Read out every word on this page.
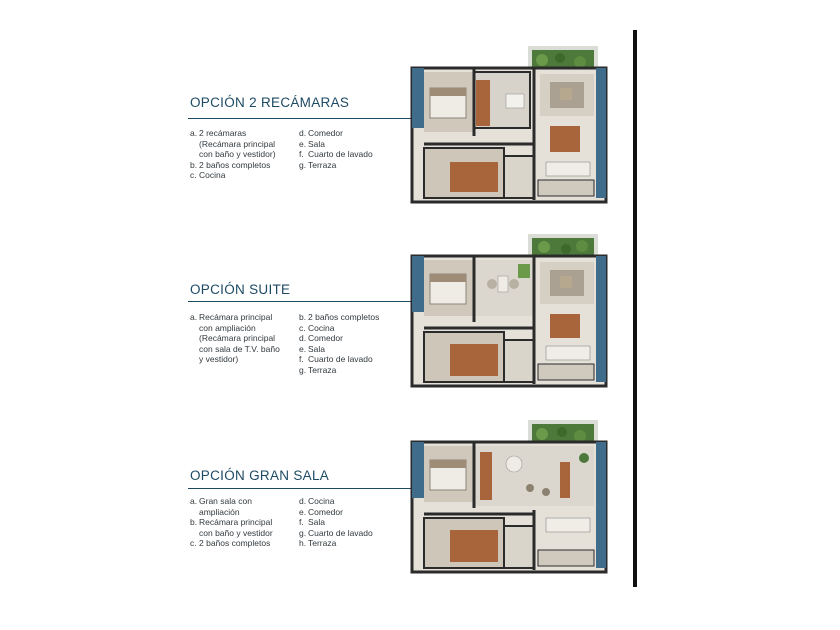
OPCIÓN 2 RECÁMARAS
a. 2 recámaras
(Recámara principal
con baño y vestidor)
b. 2 baños completos
c. Cocina
d. Comedor
e. Sala
f. Cuarto de lavado
g. Terraza
OPCIÓN SUITE
a. Recámara principal
con ampliación
(Recámara principal
con sala de T.V. baño
y vestidor)
b. 2 baños completos
c. Cocina
d. Comedor
e. Sala
f. Cuarto de lavado
g. Terraza
OPCIÓN GRAN SALA
a. Gran sala con
ampliación
b. Recámara principal
con baño y vestidor
c. 2 baños completos
d. Cocina
e. Comedor
f. Sala
g. Cuarto de lavado
h. Terraza
